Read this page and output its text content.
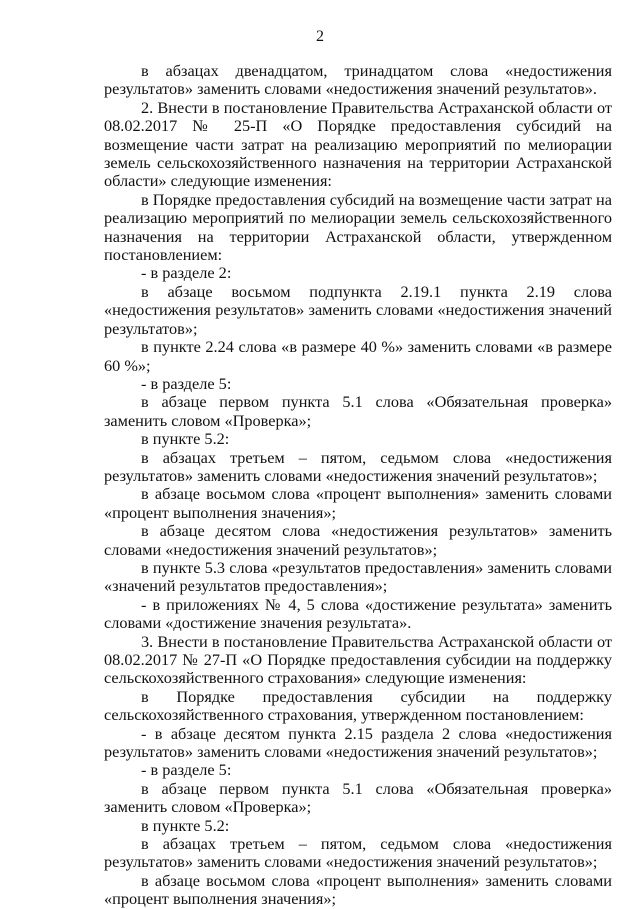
2

в абзацах двенадцатом, тринадцатом слова «недостижения результатов» заменить словами «недостижения значений результатов».

2. Внести в постановление Правительства Астраханской области от 08.02.2017 № 25-П «О Порядке предоставления субсидий на возмещение части затрат на реализацию мероприятий по мелиорации земель сельскохозяйственного назначения на территории Астраханской области» следующие изменения:

в Порядке предоставления субсидий на возмещение части затрат на реализацию мероприятий по мелиорации земель сельскохозяйственного назначения на территории Астраханской области, утвержденном постановлением:

- в разделе 2:

в абзаце восьмом подпункта 2.19.1 пункта 2.19 слова «недостижения результатов» заменить словами «недостижения значений результатов»;

в пункте 2.24 слова «в размере 40 %» заменить словами «в размере 60 %»;

- в разделе 5:

в абзаце первом пункта 5.1 слова «Обязательная проверка» заменить словом «Проверка»;

в пункте 5.2:

в абзацах третьем – пятом, седьмом слова «недостижения результатов» заменить словами «недостижения значений результатов»;

в абзаце восьмом слова «процент выполнения» заменить словами «процент выполнения значения»;

в абзаце десятом слова «недостижения результатов» заменить словами «недостижения значений результатов»;

в пункте 5.3 слова «результатов предоставления» заменить словами «значений результатов предоставления»;

- в приложениях № 4, 5 слова «достижение результата» заменить словами «достижение значения результата».

3. Внести в постановление Правительства Астраханской области от 08.02.2017 № 27-П «О Порядке предоставления субсидии на поддержку сельскохозяйственного страхования» следующие изменения:

в Порядке предоставления субсидии на поддержку сельскохозяйственного страхования, утвержденном постановлением:

- в абзаце десятом пункта 2.15 раздела 2 слова «недостижения результатов» заменить словами «недостижения значений результатов»;

- в разделе 5:

в абзаце первом пункта 5.1 слова «Обязательная проверка» заменить словом «Проверка»;

в пункте 5.2:

в абзацах третьем – пятом, седьмом слова «недостижения результатов» заменить словами «недостижения значений результатов»;

в абзаце восьмом слова «процент выполнения» заменить словами «процент выполнения значения»;
